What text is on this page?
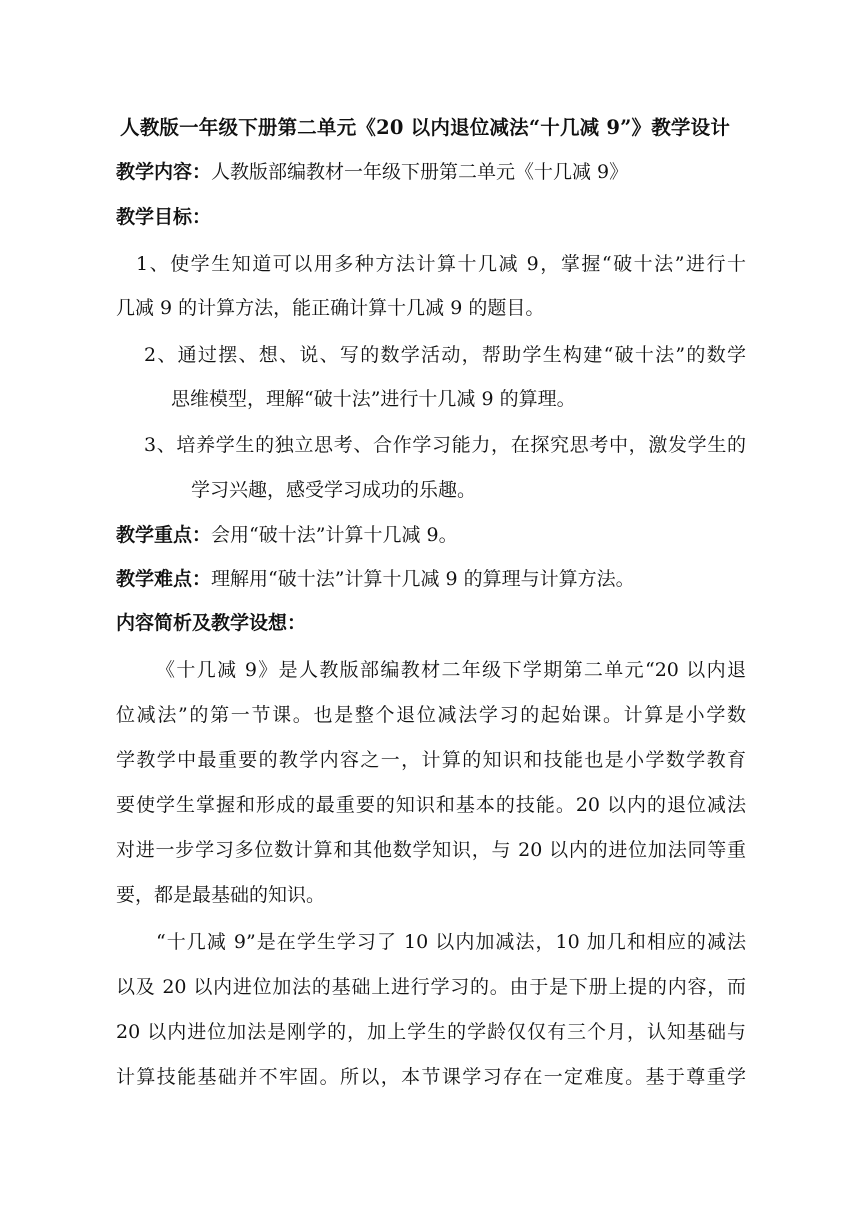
人教版一年级下册第二单元《20 以内退位减法“十几减 9”》教学设计
教学内容：人教版部编教材一年级下册第二单元《十几减 9》
教学目标：
1、使学生知道可以用多种方法计算十几减 9，掌握“破十法”进行十
几减 9 的计算方法，能正确计算十几减 9 的题目。
2、通过摆、想、说、写的数学活动，帮助学生构建“破十法”的数学
思维模型，理解“破十法”进行十几减 9 的算理。
3、培养学生的独立思考、合作学习能力，在探究思考中，激发学生的
学习兴趣，感受学习成功的乐趣。
教学重点：会用“破十法”计算十几减 9。
教学难点：理解用“破十法”计算十几减 9 的算理与计算方法。
内容简析及教学设想：
《十几减 9》是人教版部编教材二年级下学期第二单元“20 以内退
位减法”的第一节课。也是整个退位减法学习的起始课。计算是小学数
学教学中最重要的教学内容之一，计算的知识和技能也是小学数学教育
要使学生掌握和形成的最重要的知识和基本的技能。20 以内的退位减法
对进一步学习多位数计算和其他数学知识，与 20 以内的进位加法同等重
要，都是最基础的知识。
“十几减 9”是在学生学习了 10 以内加减法，10 加几和相应的减法
以及 20 以内进位加法的基础上进行学习的。由于是下册上提的内容，而
20 以内进位加法是刚学的，加上学生的学龄仅仅有三个月，认知基础与
计算技能基础并不牢固。所以，本节课学习存在一定难度。基于尊重学
